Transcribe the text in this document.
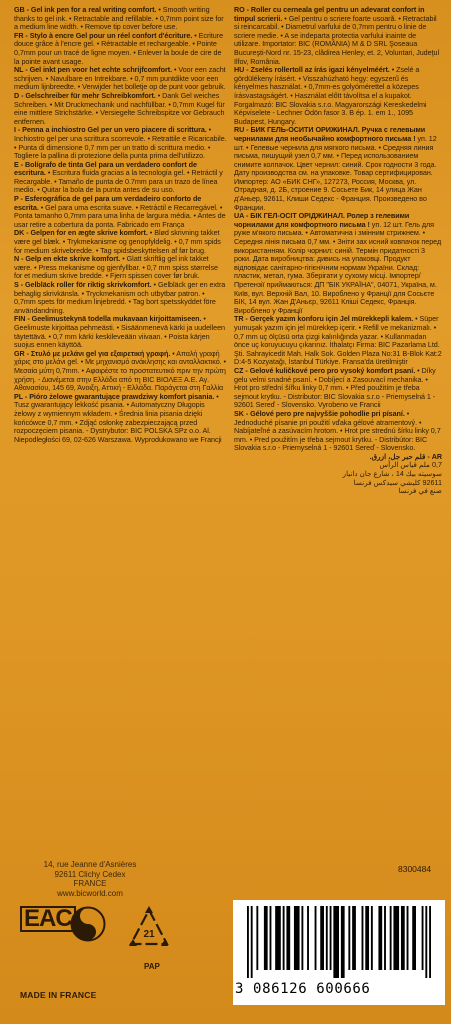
GB - Gel ink pen for a real writing comfort. • Smooth writing thanks to gel ink. • Retractable and refillable. • 0,7mm point size for a medium line width. • Remove tip cover before use.
FR - Stylo à encre Gel pour un réel confort d'écriture. • Ecriture douce grâce à l'encre gel. • Rétractable et rechargeable. • Pointe 0,7mm pour un tracé de ligne moyen. • Enlever la boule de cire de la pointe avant usage.
NL - Gel inkt pen voor het echte schrijfcomfort. • Voor een zacht schrijven. • Navulbare en Intrekbare. • 0,7 mm puntdikte voor een medium lijnbreedte. • Verwijder het bolletje op de punt voor gebruik.
D - Gelschreiber für mehr Schreibkomfort. • Dank Gel weiches Schreiben. • Mit Druckmechanik und nachfüllbar. • 0,7mm Kugel für eine mittlere Strichstärke. • Versiegelte Schreibspitze vor Gebrauch entfernen.
I - Penna a inchiostro Gel per un vero piacere di scrittura. • Inchiostro gel per una scrittura scorrevole. • Retrattile e Ricaricabile. • Punta di dimensione 0,7 mm per un tratto di scrittura medio. • Togliere la pallina di protezione della punta prima dell'utilizzo.
E - Bolígrafo de tinta Gel para un verdadero confort de escritura. • Escritura fluida gracias a la tecnología gel. • Retráctil y Recargable. • Tamaño de punta de 0.7mm para un trazo de línea medio. • Quitar la bola de la punta antes de su uso.
P - Esferográfica de gel para um verdadeiro conforto de escrita. • Gel para uma escrita suave. • Retráctil e Recarregável. • Ponta tamanho 0,7mm para uma linha de largura média. • Antes de usar retire a cobertura da ponta. Fabricado em França
DK - Gelpen for en ægte skrive komfort. • Blød skrivning takket være gel blæk. • Trykmekanisme og genopfyldelig. • 0,7 mm spids for medium skrivebredde. • Tag spidsbeskyttelsen af før brug.
N - Gelp en ekte skrive komfort. • Glatt skriftlig gel ink takket være. • Press mekanisme og gjenfyllbar. • 0,7 mm spiss størrelse for et medium skrive bredde. • Fjern spissen cover før bruk.
S - Gelbläck roller för riktig skrivkomfort. • Gelbläck ger en extra behaglig skrivkänsla. • Tryckmekanism och utbytbar patron. • 0,7mm spets för medium linjebredd. • Tag bort spetsskyddet före användandning.
FIN - Geelimustekynä todella mukavaan kirjoittamiseen. • Geelimuste kirjoittaa pehmeästi. • Sisäänmenevä kärki ja uudelleen täytettävä. • 0,7 mm kärki keskileveään viivaan. • Poista kärjen suojus ennen käyttöä.
GR - Στυλό με μελάνι gel για εξαιρετική γραφή. • Απαλή γραφή χάρις στο μελάνι gel. • Με μηχανισμό ανάκλησης και ανταλλακτικό. • Μεσαία μύτη 0,7mm. • Αφαιρέστε το προστατευτικό πριν την πρώτη χρήση. - Διανέμεται στην Ελλάδα από τη BIC ΒΙΟΛΕΞ Α.Ε. Αγ. Αθανασίου, 145 69, Άνοιξη, Αττική - Ελλάδα. Παράγεται στη Γαλλία
PL - Pióro żelowe gwarantujące prawdziwy komfort pisania. • Tusz gwarantujący lekkość pisania. • Automatyczny Długopis żelowy z wymiennym wkładem. • Średnia linia pisania dzięki końcówce 0,7 mm. • Zdjąć osłonkę zabezpieczającą przed rozpoczęciem pisania. - Dystrybutor: BIC POLSKA SPz o.o. Al. Niepodległości 69, 02-626 Warszawa. Wyprodukowano we Francji
RO - Roller cu cerneala gel pentru un adevarat confort in timpul scrierii. • Gel pentru o scriere foarte usoară. • Retractabil si reincarcabil. • Diametrul varfului de 0,7mm pentru o linie de scriere medie. • A se indeparta protectia varfului inainte de utilizare. Importator: BIC (ROMÂNIA) M & D SRL Şoseaua Bucureşti-Nord nr. 15-23, clădirea Henley, et. 2, Voluntari, Judeţul Ilfov, România.
HU - Zselés rollertoll az írás igazi kényelméért. • Zselé a gördülékeny írásért. • Visszahúzható hegy: egyszerű és kényelmes használat. • 0,7mm-es golyómérettel a közepes írásvastagságért. • Használat előtt távolítsa el a kupakot. Forgalmazó: BIC Slovakia s.r.o. Magyarországi Kereskedelmi Képviselete - Lechner Ödön fasor 3. B ép. 1. em 1., 1095 Budapest, Hungary.
RU - БИК ГЕЛЬ-ОСИТИ ОРИЖИНАЛ. Ручка с гелевыми чернилами для необычайно комфортного письма ! уп. 12 шт. • Гелевые чернила для мягкого письма. • Средняя линия письма, пишущий узел 0,7 мм. • Перед использованием снимите колпачок. Цвет чернил: синий. Срок годности 3 года. Дату производства см. на упаковке. Товар сертифицирован. Импортер: АО «БИК СНГ», 127273, Россия, Москва, ул. Отрадная, д. 2Б, строение 9. Сосьете Бик, 14 улица Жан д'Аньер, 92611, Клиши Седекс - Франция. Произведено во Франции.
UA - БІК ГЕЛ-ОСІТ ОРІДЖИНАЛ. Ролер з гелевими чорнилами для комфортного письма ! уп. 12 шт. Гель для руже м'якого письма. • Автоматична і змінним стрижнем. • Середня лінія письма 0,7 мм. • Зніти зах исний ковпачок перед використанням. Колір чорнил: синій. Термін придатності 3 роки. Дата виробництва: дивись на упаковці. Продукт відповідає санітарно-гігієнічним нормам України. Склад: пластик, метал, гума. Зберігати у сухому місці. Імпортер/Претензії приймаються: ДП "БІК УКРАЇНА", 04071, Україна, м. Київ, вул. Верхній Вал, 10. Вироблено у Франції для Сосьєте БІК, 14 вул. Жан Д'Аньєр, 92611 Кліші Седекс, Франція. Вироблено у Франції
TR - Gerçek yazım konforu için Jel mürekkepli kalem. • Süper yumuşak yazım için jel mürekkep içerir. • Refill ve mekanizmalı. • 0,7 mm uç ölçüsü orta çizgi kalınlığında yazar. • Kullanmadan önce uç koruyucuyu çıkarınız. İthalatçı Firma: BIC Pazarlama Ltd. Şti. Sahrayicedit Mah. Halk Sok. Golden Plaza No:31 B-Blok Kat:2 D:4-5 Kozyatağı, İstanbul Türkiye. Fransa'da üretilmiştir
CZ - Gelové kuličkové pero pro vysoký komfort psaní. • Díky gelu velmi snadné psaní. • Dobíjecí a Zasouvací mechanika. • Hrot pro střední šířku linky 0,7 mm. • Před použitím je třeba sejmout krytku. - Distributor: BIC Slovakia s.r.o - Priemyselná 1 - 92601 Sereď - Slovensko. Vyrobeno ve Francii
SK - Gélové pero pre najvyššie pohodlie pri písaní. • Jednoduché písanie pri použití vďaka gélové atramentový. • Nabíjateľné a zasúvacím hrotom. • Hrot pre strednú šírku linky 0,7 mm. • Pred použitím je třeba sejmout krytku. - Distribútor: BIC Slovakia s.r.o - Priemyselná 1 - 92601 Sereď - Slovensko.
AR - قلم حبر جل، ازرق.
0,7 ملم قياس الرأس
سوسيته بيك 14 ، شارع جان دانيار
92611 كليشي سيدكس فرنسا
صنع في فرنسا
14, rue Jeanne d'Asnières
92611 Clichy Cedex
FRANCE
www.bicworld.com
8300484
EAC
21
PAP
MADE IN FRANCE	3 086126 600666
